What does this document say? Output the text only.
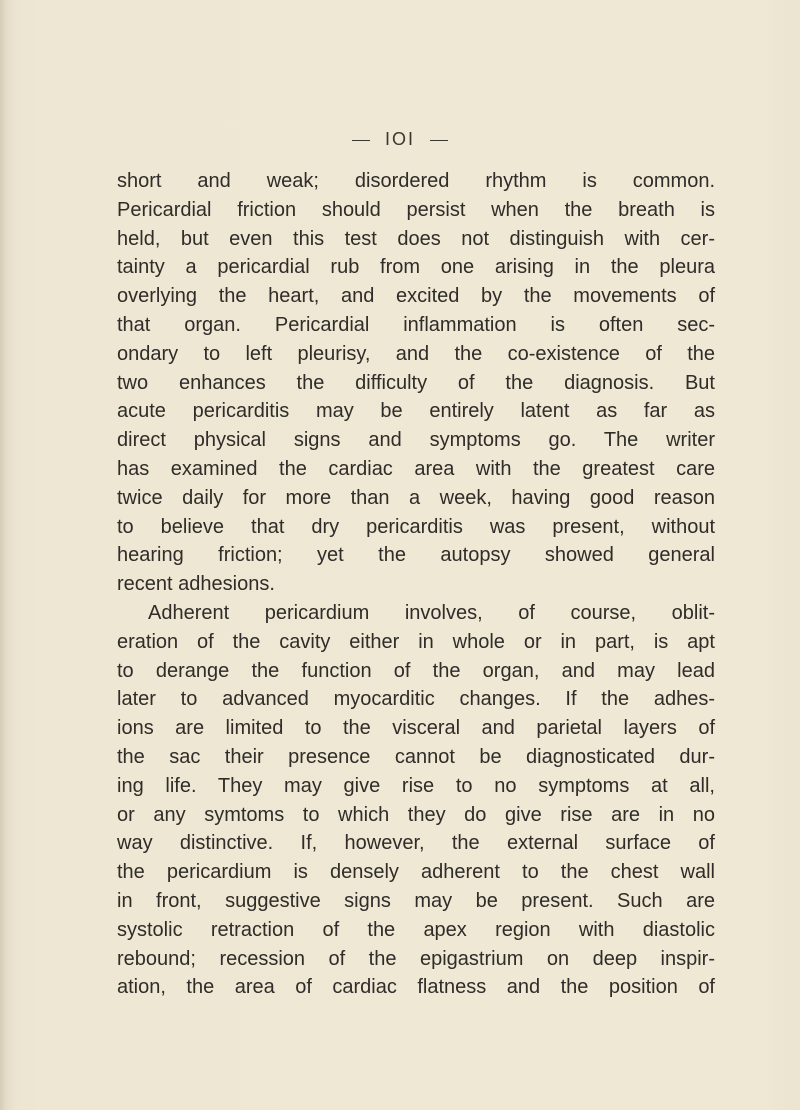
IOI
short and weak; disordered rhythm is common.
Pericardial friction should persist when the breath is
held, but even this test does not distinguish with cer-
tainty a pericardial rub from one arising in the pleura
overlying the heart, and excited by the movements of
that organ. Pericardial inflammation is often sec-
ondary to left pleurisy, and the co-existence of the
two enhances the difficulty of the diagnosis. But
acute pericarditis may be entirely latent as far as
direct physical signs and symptoms go. The writer
has examined the cardiac area with the greatest care
twice daily for more than a week, having good reason
to believe that dry pericarditis was present, without
hearing friction; yet the autopsy showed general
recent adhesions.
Adherent pericardium involves, of course, oblit-
eration of the cavity either in whole or in part, is apt
to derange the function of the organ, and may lead
later to advanced myocarditic changes. If the adhes-
ions are limited to the visceral and parietal layers of
the sac their presence cannot be diagnosticated dur-
ing life. They may give rise to no symptoms at all,
or any symtoms to which they do give rise are in no
way distinctive. If, however, the external surface of
the pericardium is densely adherent to the chest wall
in front, suggestive signs may be present. Such are
systolic retraction of the apex region with diastolic
rebound; recession of the epigastrium on deep inspir-
ation, the area of cardiac flatness and the position of
